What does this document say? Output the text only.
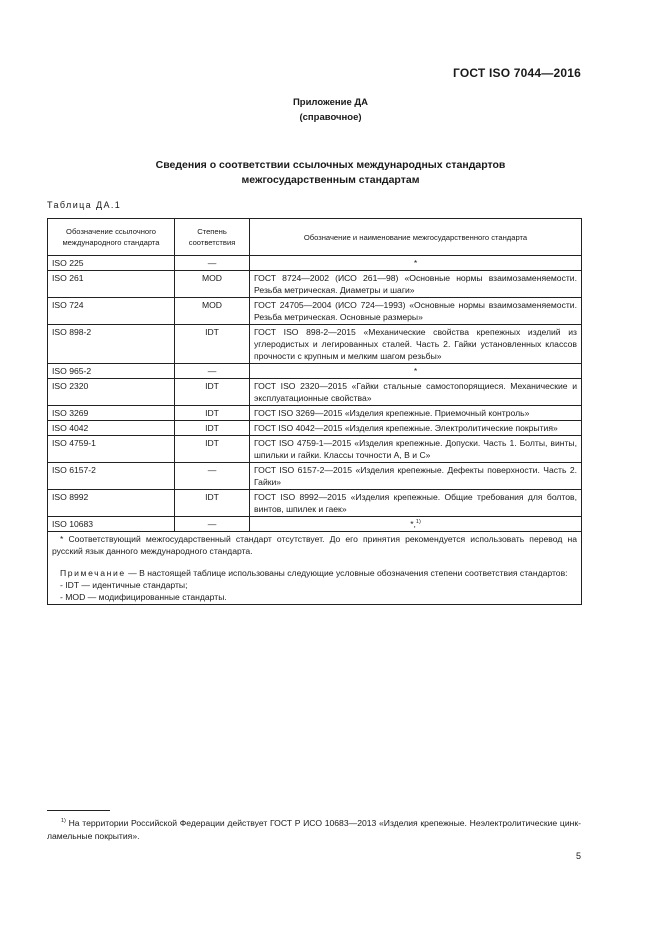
ГОСТ ISO 7044—2016
Приложение ДА
(справочное)
Сведения о соответствии ссылочных международных стандартов
межгосударственным стандартам
Таблица ДА.1
Обозначение ссылочного международного стандарта	Степень соответствия	Обозначение и наименование межгосударственного стандарта
ISO 225	—	*
ISO 261	MOD	ГОСТ 8724—2002 (ИСО 261—98) «Основные нормы взаимозаменяемости. Резьба метрическая. Диаметры и шаги»
ISO 724	MOD	ГОСТ 24705—2004 (ИСО 724—1993) «Основные нормы взаимозаменяемости. Резьба метрическая. Основные размеры»
ISO 898-2	IDT	ГОСТ ISO 898-2—2015 «Механические свойства крепежных изделий из углеродистых и легированных сталей. Часть 2. Гайки установленных классов прочности с крупным и мелким шагом резьбы»
ISO 965-2	—	*
ISO 2320	IDT	ГОСТ ISO 2320—2015 «Гайки стальные самостопорящиеся. Механические и эксплуатационные свойства»
ISO 3269	IDT	ГОСТ ISO 3269—2015 «Изделия крепежные. Приемочный контроль»
ISO 4042	IDT	ГОСТ ISO 4042—2015 «Изделия крепежные. Электролитические покрытия»
ISO 4759-1	IDT	ГОСТ ISO 4759-1—2015 «Изделия крепежные. Допуски. Часть 1. Болты, винты, шпильки и гайки. Классы точности А, В и С»
ISO 6157-2	—	ГОСТ ISO 6157-2—2015 «Изделия крепежные. Дефекты поверхности. Часть 2. Гайки»
ISO 8992	IDT	ГОСТ ISO 8992—2015 «Изделия крепежные. Общие требования для болтов, винтов, шпилек и гаек»
ISO 10683	—	*,$^{1)}$

* Соответствующий межгосударственный стандарт отсутствует. До его принятия рекомендуется использовать перевод на русский язык данного международного стандарта.

Примечание — В настоящей таблице использованы следующие условные обозначения степени соответствия стандартов:

- IDT — идентичные стандарты;

- MOD — модифицированные стандарты.		

$^{1)}$ На территории Российской Федерации действует ГОСТ Р ИСО 10683—2013 «Изделия крепежные. Неэлектролитические цинк-ламельные покрытия».
5
